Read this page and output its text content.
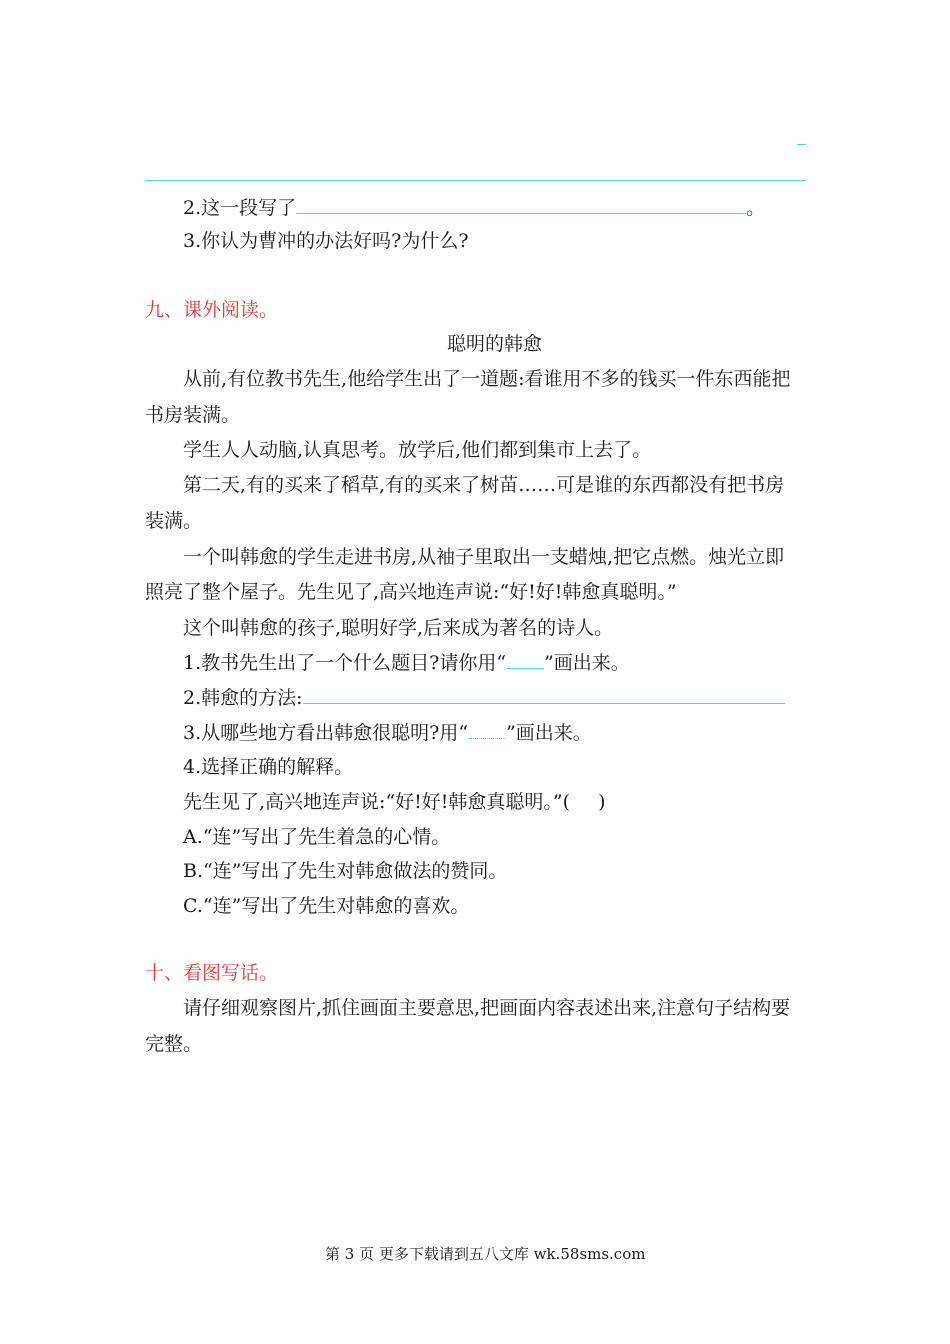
2.这一段写了	。
3.你认为曹冲的办法好吗?为什么?
九、课外阅读。
聪明的韩愈
从前,有位教书先生,他给学生出了一道题:看谁用不多的钱买一件东西能把
书房装满。
学生人人动脑,认真思考。放学后,他们都到集市上去了。
第二天,有的买来了稻草,有的买来了树苗……可是谁的东西都没有把书房
装满。
一个叫韩愈的学生走进书房,从袖子里取出一支蜡烛,把它点燃。烛光立即
照亮了整个屋子。先生见了,高兴地连声说:“好!好!韩愈真聪明。”
这个叫韩愈的孩子,聪明好学,后来成为著名的诗人。
1.教书先生出了一个什么题目?请你用“ ”画出来。
2.韩愈的方法:
3.从哪些地方看出韩愈很聪明?用“ ”画出来。
4.选择正确的解释。
先生见了,高兴地连声说:“好!好!韩愈真聪明。”( )
A.“连”写出了先生着急的心情。
B.“连”写出了先生对韩愈做法的赞同。
C.“连”写出了先生对韩愈的喜欢。
十、看图写话。
请仔细观察图片,抓住画面主要意思,把画面内容表述出来,注意句子结构要
完整。
第 3 页 更多下载请到五八文库 wk.58sms.com
